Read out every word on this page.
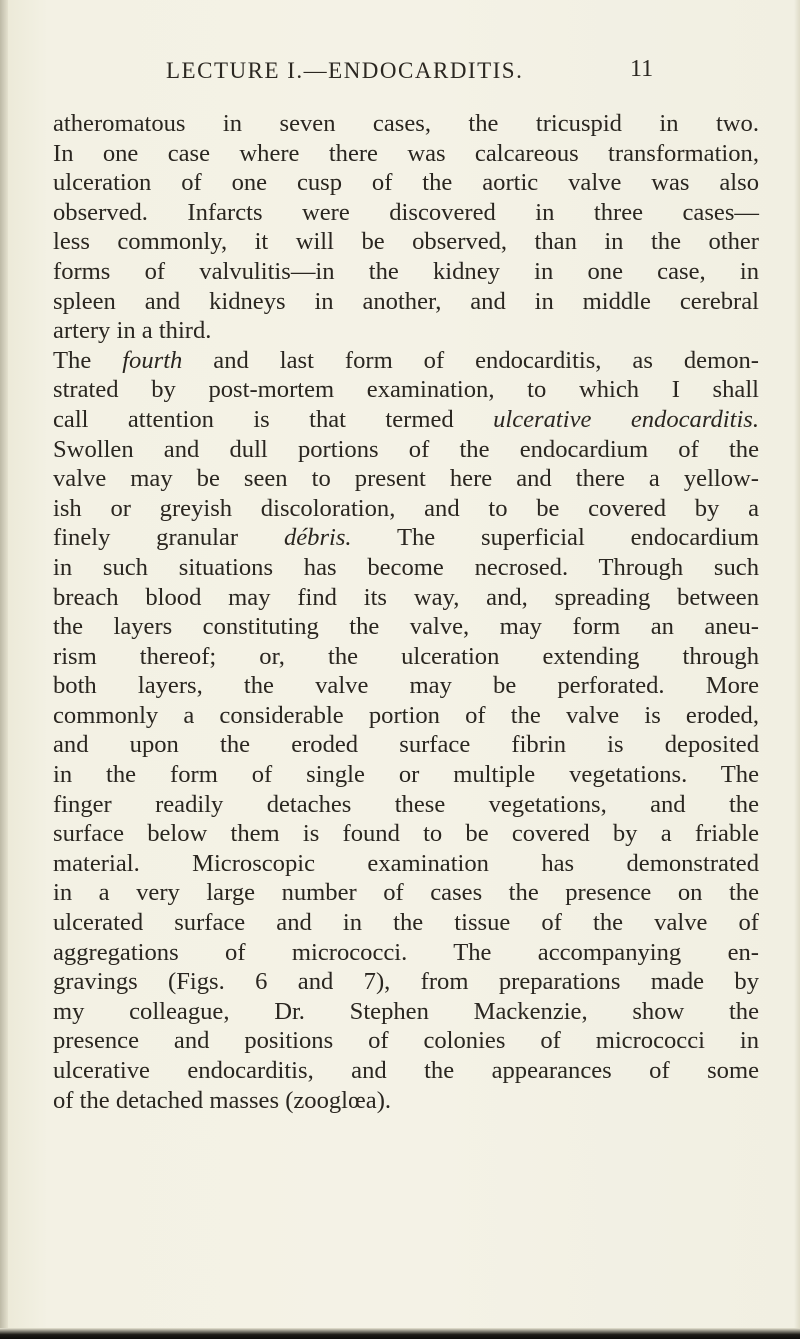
LECTURE I.—ENDOCARDITIS.	11
atheromatous in seven cases, the tricuspid in two.
In one case where there was calcareous transformation,
ulceration of one cusp of the aortic valve was also
observed. Infarcts were discovered in three cases—
less commonly, it will be observed, than in the other
forms of valvulitis—in the kidney in one case, in
spleen and kidneys in another, and in middle cerebral
artery in a third.
The fourth and last form of endocarditis, as demon-
strated by post-mortem examination, to which I shall
call attention is that termed ulcerative endocarditis.
Swollen and dull portions of the endocardium of the
valve may be seen to present here and there a yellow-
ish or greyish discoloration, and to be covered by a
finely granular débris. The superficial endocardium
in such situations has become necrosed. Through such
breach blood may find its way, and, spreading between
the layers constituting the valve, may form an aneu-
rism thereof; or, the ulceration extending through
both layers, the valve may be perforated. More
commonly a considerable portion of the valve is eroded,
and upon the eroded surface fibrin is deposited
in the form of single or multiple vegetations. The
finger readily detaches these vegetations, and the
surface below them is found to be covered by a friable
material. Microscopic examination has demonstrated
in a very large number of cases the presence on the
ulcerated surface and in the tissue of the valve of
aggregations of micrococci. The accompanying en-
gravings (Figs. 6 and 7), from preparations made by
my colleague, Dr. Stephen Mackenzie, show the
presence and positions of colonies of micrococci in
ulcerative endocarditis, and the appearances of some
of the detached masses (zooglœa).
